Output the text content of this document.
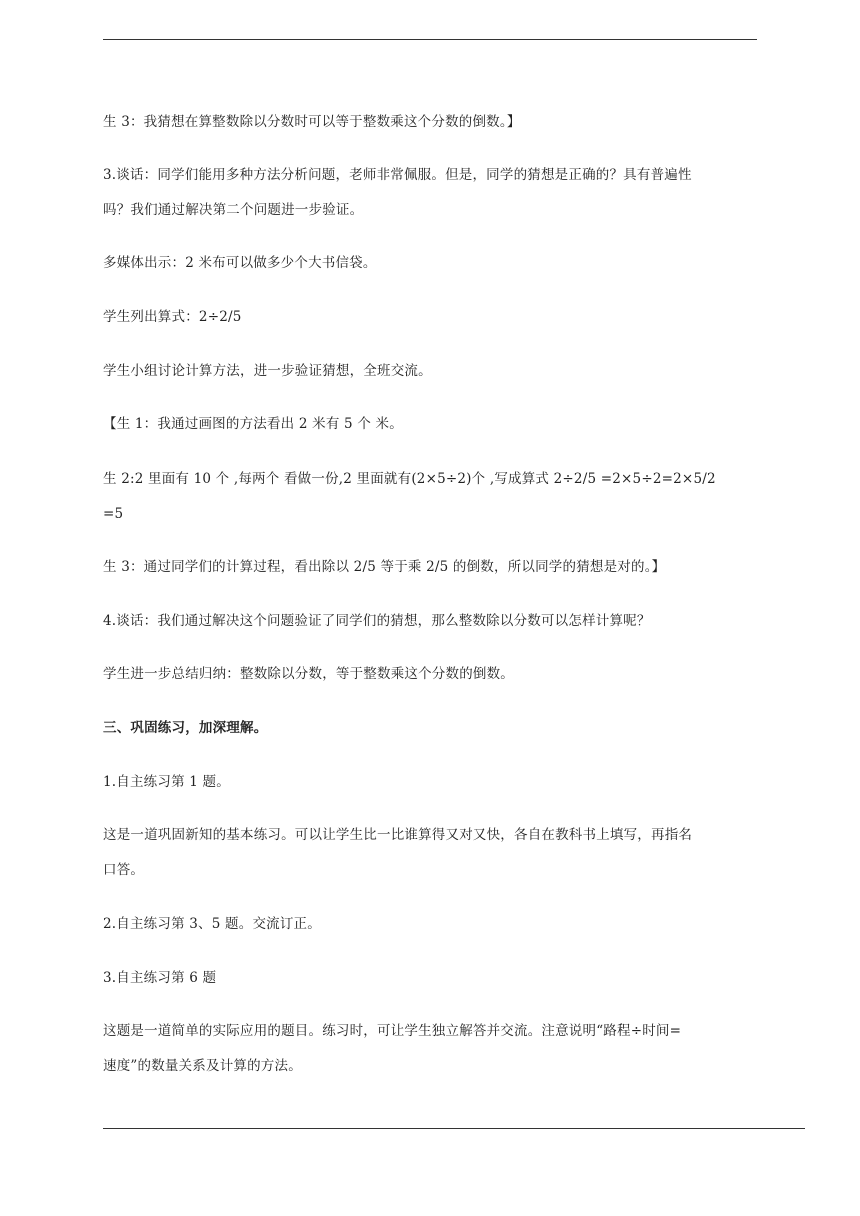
生 3：我猜想在算整数除以分数时可以等于整数乘这个分数的倒数。】
3.谈话：同学们能用多种方法分析问题，老师非常佩服。但是，同学的猜想是正确的？具有普遍性
吗？我们通过解决第二个问题进一步验证。
多媒体出示：2 米布可以做多少个大书信袋。
学生列出算式：2÷2/5
学生小组讨论计算方法，进一步验证猜想，全班交流。
【生 1：我通过画图的方法看出 2 米有 5 个 米。
生 2:2 里面有 10 个 ,每两个 看做一份,2 里面就有(2×5÷2)个 ,写成算式 2÷2/5 =2×5÷2=2×5/2
=5
生 3：通过同学们的计算过程，看出除以 2/5 等于乘 2/5 的倒数，所以同学的猜想是对的。】
4.谈话：我们通过解决这个问题验证了同学们的猜想，那么整数除以分数可以怎样计算呢？
学生进一步总结归纳：整数除以分数，等于整数乘这个分数的倒数。
三、巩固练习，加深理解。
1.自主练习第 1 题。
这是一道巩固新知的基本练习。可以让学生比一比谁算得又对又快，各自在教科书上填写，再指名
口答。
2.自主练习第 3、5 题。交流订正。
3.自主练习第 6 题
这题是一道简单的实际应用的题目。练习时，可让学生独立解答并交流。注意说明“路程÷时间=
速度”的数量关系及计算的方法。
